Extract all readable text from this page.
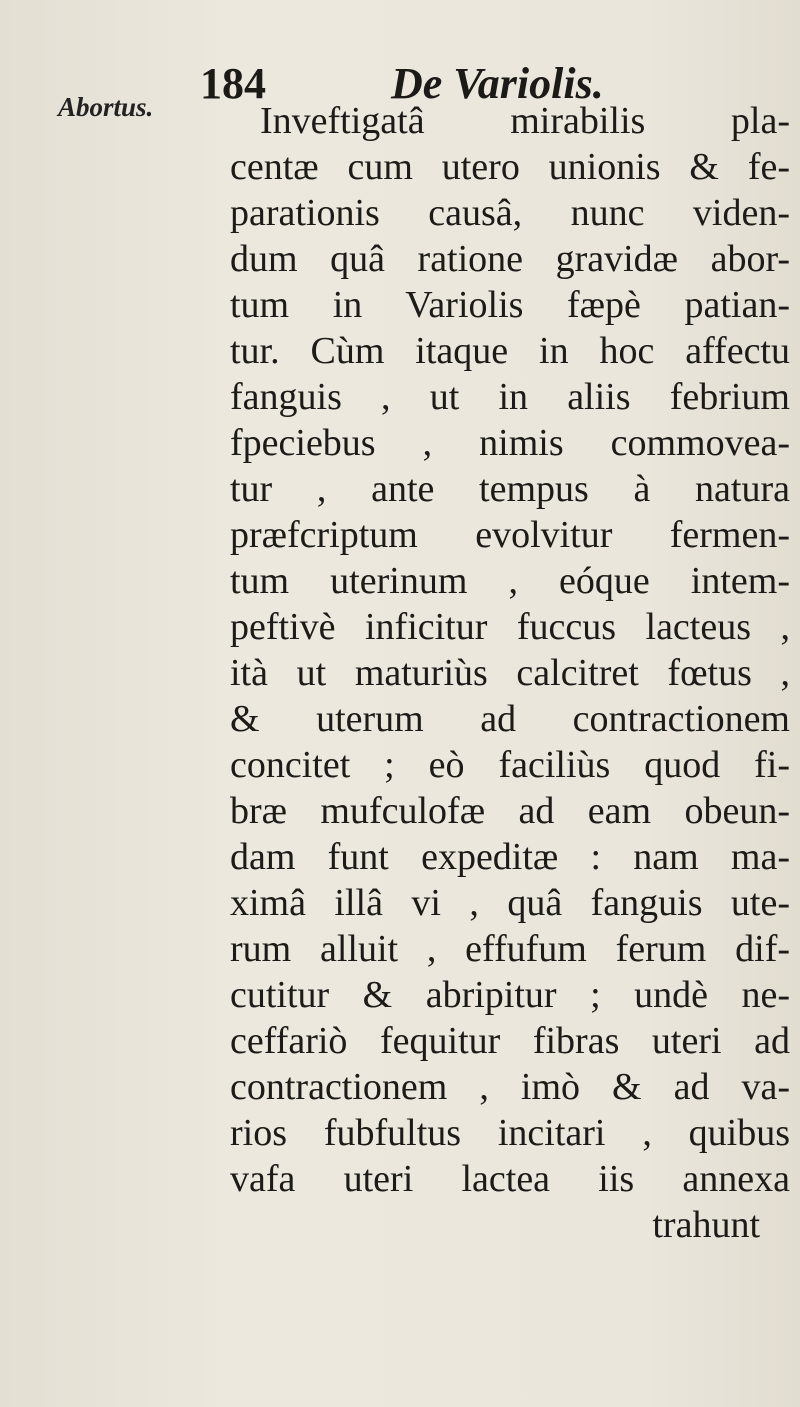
Abortus. 184	De Variolis.
Inveftigatâ mirabilis pla-
centæ cum utero unionis & fe-
parationis causâ, nunc viden-
dum quâ ratione gravidæ abor-
tum in Variolis fæpè patian-
tur. Cùm itaque in hoc affectu
fanguis , ut in aliis febrium
fpeciebus , nimis commovea-
tur , ante tempus à natura
præfcriptum evolvitur fermen-
tum uterinum , eóque intem-
peftivè inficitur fuccus lacteus ,
ità ut maturiùs calcitret fœtus ,
& uterum ad contractionem
concitet ; eò faciliùs quod fi-
bræ mufculofæ ad eam obeun-
dam funt expeditæ : nam ma-
ximâ illâ vi , quâ fanguis ute-
rum alluit , effufum ferum dif-
cutitur & abripitur ; undè ne-
ceffariò fequitur fibras uteri ad
contractionem , imò & ad va-
rios fubfultus incitari , quibus
vafa uteri lactea iis annexa
trahunt
